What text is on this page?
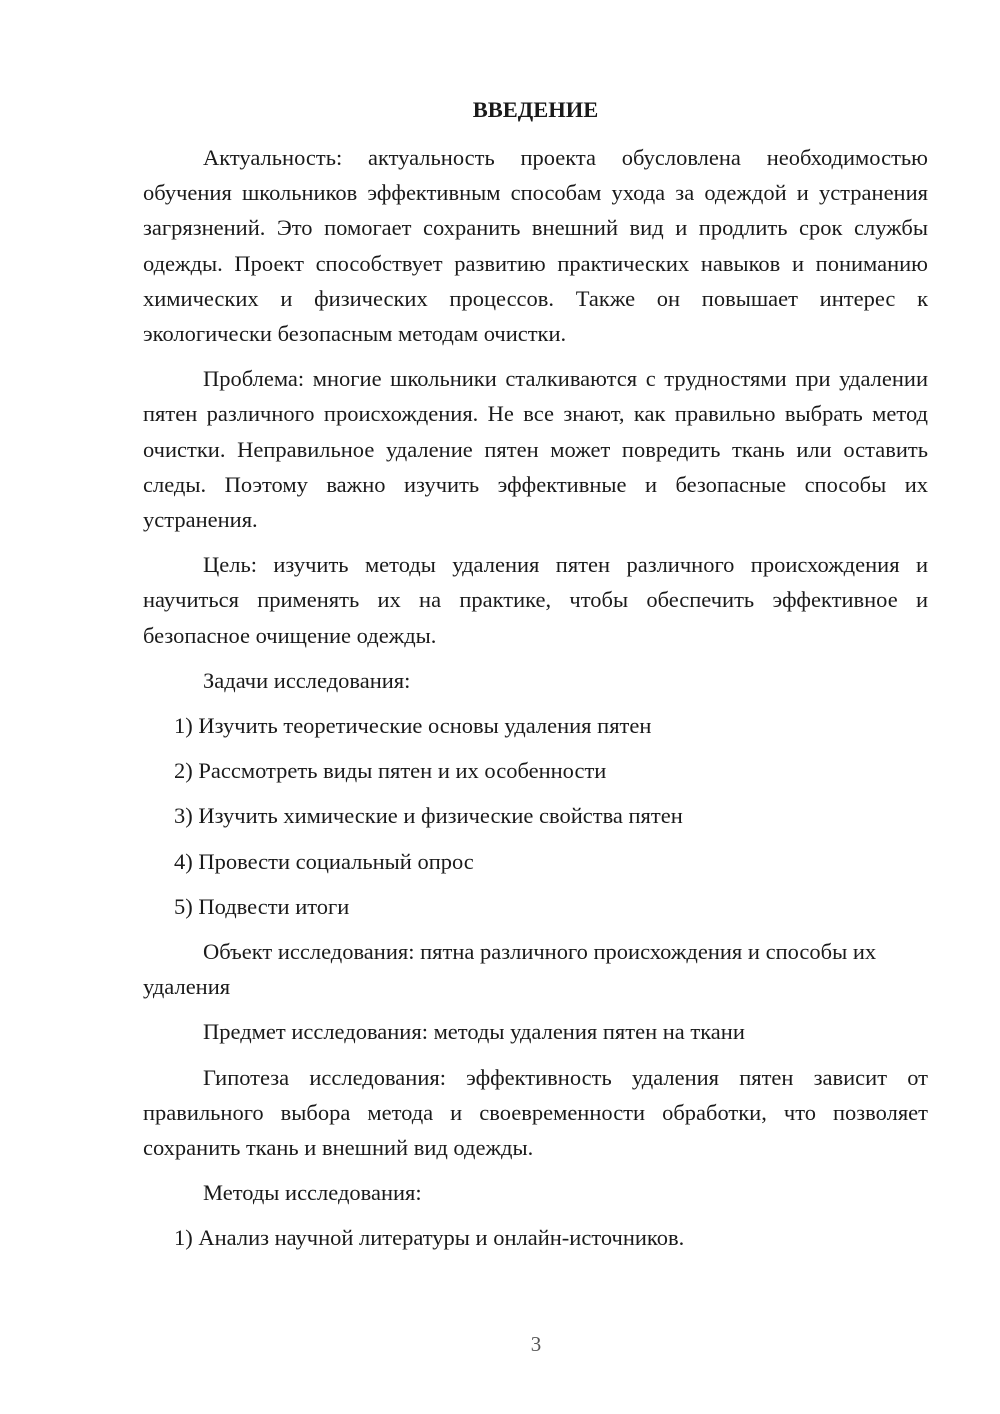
ВВЕДЕНИЕ

Актуальность: актуальность проекта обусловлена необходимостью обучения школьников эффективным способам ухода за одеждой и устранения загрязнений. Это помогает сохранить внешний вид и продлить срок службы одежды. Проект способствует развитию практических навыков и пониманию химических и физических процессов. Также он повышает интерес к экологически безопасным методам очистки.

Проблема: многие школьники сталкиваются с трудностями при удалении пятен различного происхождения. Не все знают, как правильно выбрать метод очистки. Неправильное удаление пятен может повредить ткань или оставить следы. Поэтому важно изучить эффективные и безопасные способы их устранения.

Цель: изучить методы удаления пятен различного происхождения и научиться применять их на практике, чтобы обеспечить эффективное и безопасное очищение одежды.

Задачи исследования:

1) Изучить теоретические основы удаления пятен
2) Рассмотреть виды пятен и их особенности
3) Изучить химические и физические свойства пятен
4) Провести социальный опрос
5) Подвести итоги

Объект исследования: пятна различного происхождения и способы их удаления

Предмет исследования: методы удаления пятен на ткани

Гипотеза исследования: эффективность удаления пятен зависит от правильного выбора метода и своевременности обработки, что позволяет сохранить ткань и внешний вид одежды.

Методы исследования:

1) Анализ научной литературы и онлайн-источников.
3
